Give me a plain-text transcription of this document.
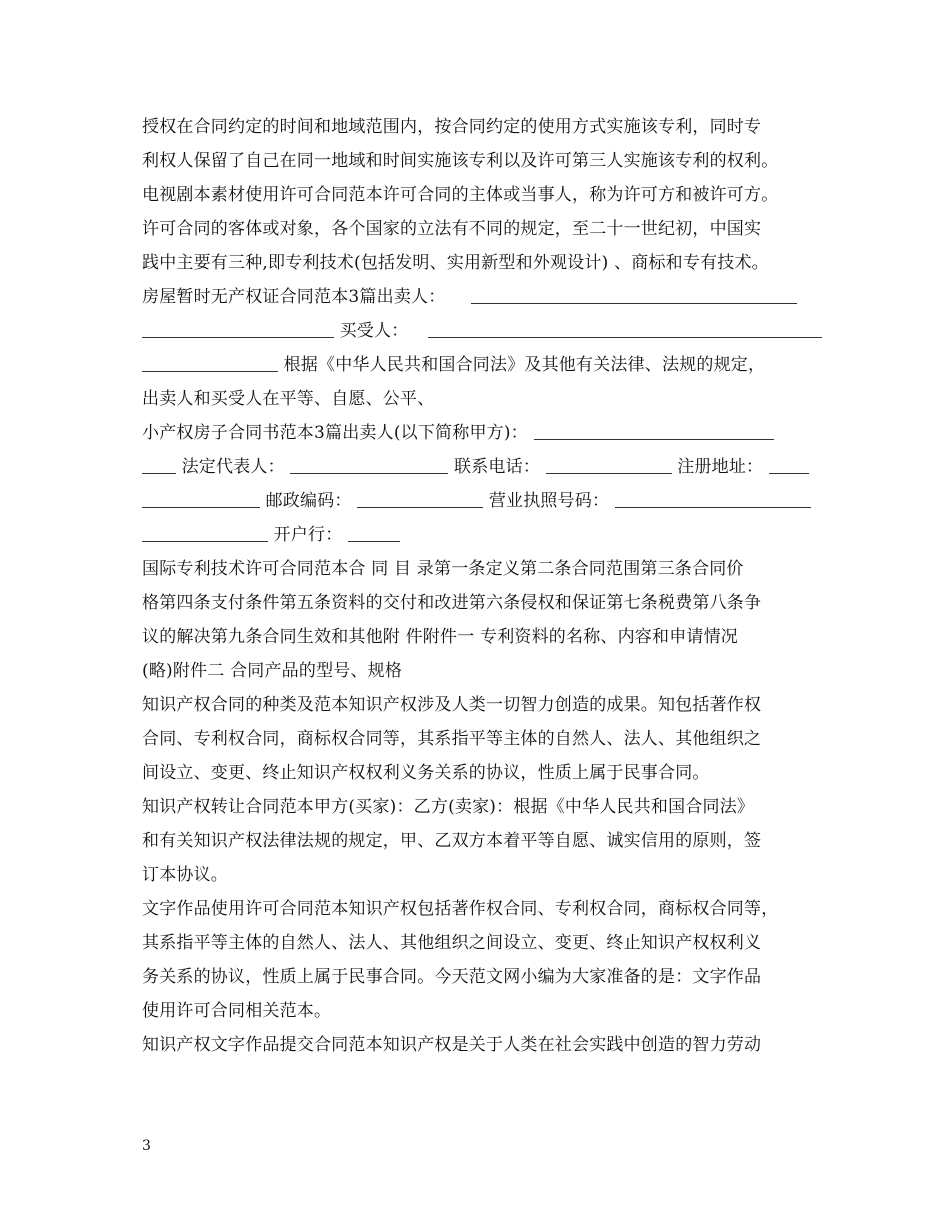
授权在合同约定的时间和地域范围内，按合同约定的使用方式实施该专利，同时专
利权人保留了自己在同一地域和时间实施该专利以及许可第三人实施该专利的权利。
电视剧本素材使用许可合同范本许可合同的主体或当事人，称为许可方和被许可方。
许可合同的客体或对象，各个国家的立法有不同的规定，至二十一世纪初，中国实
践中主要有三种,即专利技术(包括发明、实用新型和外观设计) 、商标和专有技术。
房屋暂时无产权证合同范本3篇出卖人：
买受人：
根据《中华人民共和国合同法》及其他有关法律、法规的规定，
出卖人和买受人在平等、自愿、公平、
小产权房子合同书范本3篇出卖人(以下简称甲方)：
法定代表人：	联系电话：	注册地址：
邮政编码：	营业执照号码：
开户行：
国际专利技术许可合同范本合 同 目 录第一条定义第二条合同范围第三条合同价
格第四条支付条件第五条资料的交付和改进第六条侵权和保证第七条税费第八条争
议的解决第九条合同生效和其他附 件附件一 专利资料的名称、内容和申请情况
(略)附件二 合同产品的型号、规格
知识产权合同的种类及范本知识产权涉及人类一切智力创造的成果。知包括著作权
合同、专利权合同，商标权合同等，其系指平等主体的自然人、法人、其他组织之
间设立、变更、终止知识产权权利义务关系的协议，性质上属于民事合同。
知识产权转让合同范本甲方(买家)：乙方(卖家)：根据《中华人民共和国合同法》
和有关知识产权法律法规的规定，甲、乙双方本着平等自愿、诚实信用的原则，签
订本协议。
文字作品使用许可合同范本知识产权包括著作权合同、专利权合同，商标权合同等，
其系指平等主体的自然人、法人、其他组织之间设立、变更、终止知识产权权利义
务关系的协议，性质上属于民事合同。今天范文网小编为大家准备的是：文字作品
使用许可合同相关范本。
知识产权文字作品提交合同范本知识产权是关于人类在社会实践中创造的智力劳动
3
